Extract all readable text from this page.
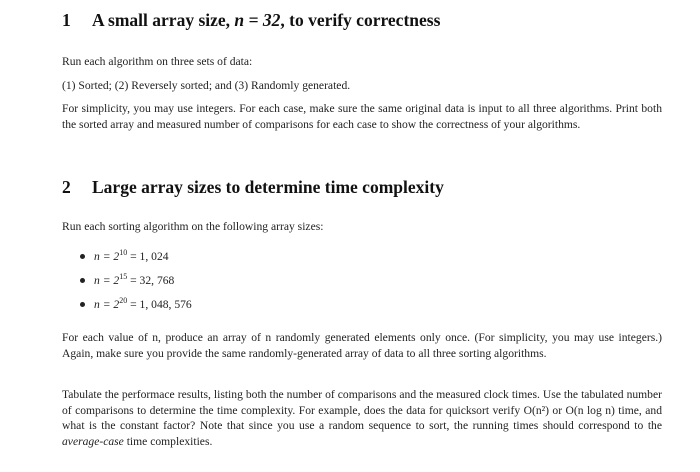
1 A small array size, n = 32, to verify correctness
Run each algorithm on three sets of data:
(1) Sorted; (2) Reversely sorted; and (3) Randomly generated.
For simplicity, you may use integers. For each case, make sure the same original data is input to all three algorithms. Print both the sorted array and measured number of comparisons for each case to show the correctness of your algorithms.
2 Large array sizes to determine time complexity
Run each sorting algorithm on the following array sizes:
$n = 2^{10} = 1$, 024
$n = 2^{15} = 32$, 768
$n = 2^{20} = 1$, 048, 576
For each value of n, produce an array of n randomly generated elements only once. (For simplicity, you may use integers.) Again, make sure you provide the same randomly-generated array of data to all three sorting algorithms.
Tabulate the performace results, listing both the number of comparisons and the measured clock times. Use the tabulated number of comparisons to determine the time complexity. For example, does the data for quicksort verify O(n²) or O(n log n) time, and what is the constant factor? Note that since you use a random sequence to sort, the running times should correspond to the average-case time complexities.
